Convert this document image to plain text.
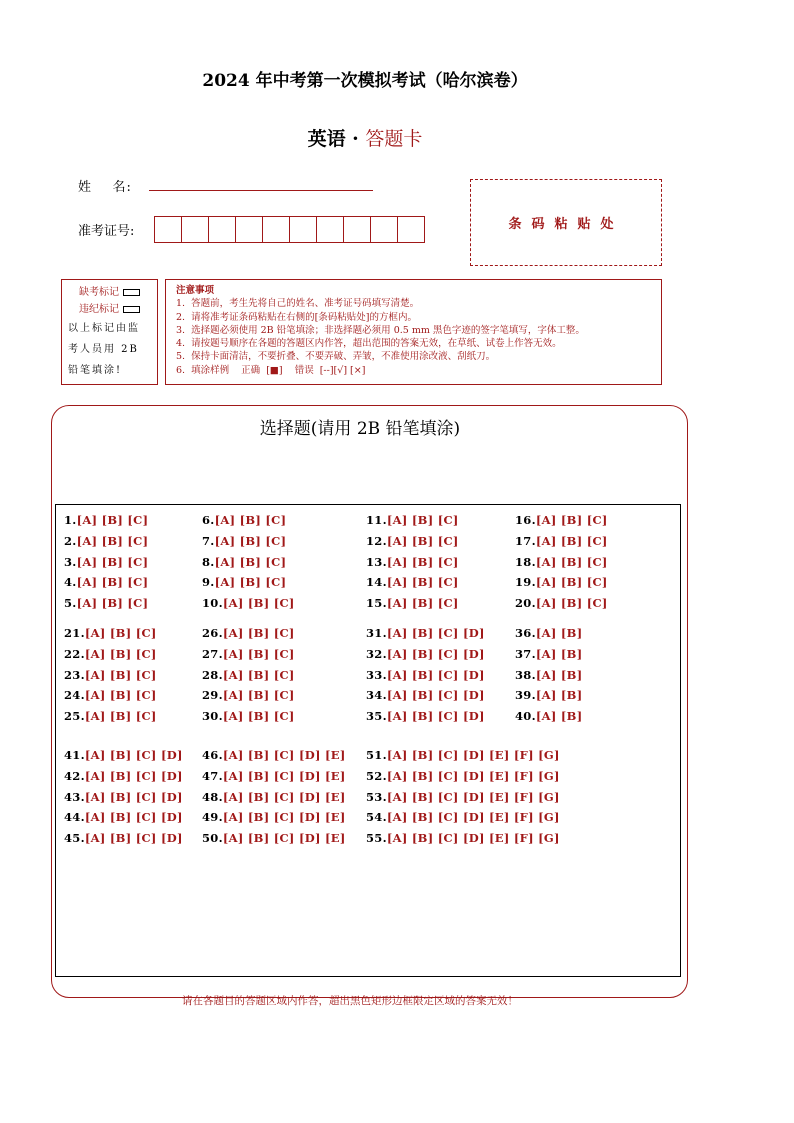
2024 年中考第一次模拟考试（哈尔滨卷）
英语 · 答题卡
姓    名:
准考证号:	条码粘贴处
缺考标记
违纪标记
以上标记由监考人员用 2B 铅笔填涂!
注意事项
1.  答题前，考生先将自己的姓名、准考证号码填写清楚。
2.  请将准考证条码粘贴在右侧的[条码粘贴处]的方框内。
3.  选择题必须使用 2B 铅笔填涂；非选择题必须用 0.5 mm 黑色字迹的签字笔填写，字体工整。
4.  请按题号顺序在各题的答题区内作答，超出范围的答案无效，在草纸、试卷上作答无效。
5.  保持卡面清洁，不要折叠、不要弄破、弄皱，不准使用涂改液、刮纸刀。
6.  填涂样例    正确  [■]    错误  [--][√] [×]
选择题(请用 2B 铅笔填涂)
1.[A] [B] [C]
2.[A] [B] [C]
3.[A] [B] [C]
4.[A] [B] [C]
5.[A] [B] [C]
6.[A] [B] [C]
7.[A] [B] [C]
8.[A] [B] [C]
9.[A] [B] [C]
10.[A] [B] [C]
11.[A] [B] [C]
12.[A] [B] [C]
13.[A] [B] [C]
14.[A] [B] [C]
15.[A] [B] [C]
16.[A] [B] [C]
17.[A] [B] [C]
18.[A] [B] [C]
19.[A] [B] [C]
20.[A] [B] [C]
21.[A] [B] [C]
22.[A] [B] [C]
23.[A] [B] [C]
24.[A] [B] [C]
25.[A] [B] [C]
26.[A] [B] [C]
27.[A] [B] [C]
28.[A] [B] [C]
29.[A] [B] [C]
30.[A] [B] [C]
31.[A] [B] [C] [D]
32.[A] [B] [C] [D]
33.[A] [B] [C] [D]
34.[A] [B] [C] [D]
35.[A] [B] [C] [D]
36.[A] [B]
37.[A] [B]
38.[A] [B]
39.[A] [B]
40.[A] [B]
41.[A] [B] [C] [D]
42.[A] [B] [C] [D]
43.[A] [B] [C] [D]
44.[A] [B] [C] [D]
45.[A] [B] [C] [D]
46.[A] [B] [C] [D] [E]
47.[A] [B] [C] [D] [E]
48.[A] [B] [C] [D] [E]
49.[A] [B] [C] [D] [E]
50.[A] [B] [C] [D] [E]
51.[A] [B] [C] [D] [E] [F] [G]
52.[A] [B] [C] [D] [E] [F] [G]
53.[A] [B] [C] [D] [E] [F] [G]
54.[A] [B] [C] [D] [E] [F] [G]
55.[A] [B] [C] [D] [E] [F] [G]
请在各题目的答题区域内作答，超出黑色矩形边框限定区域的答案无效！
